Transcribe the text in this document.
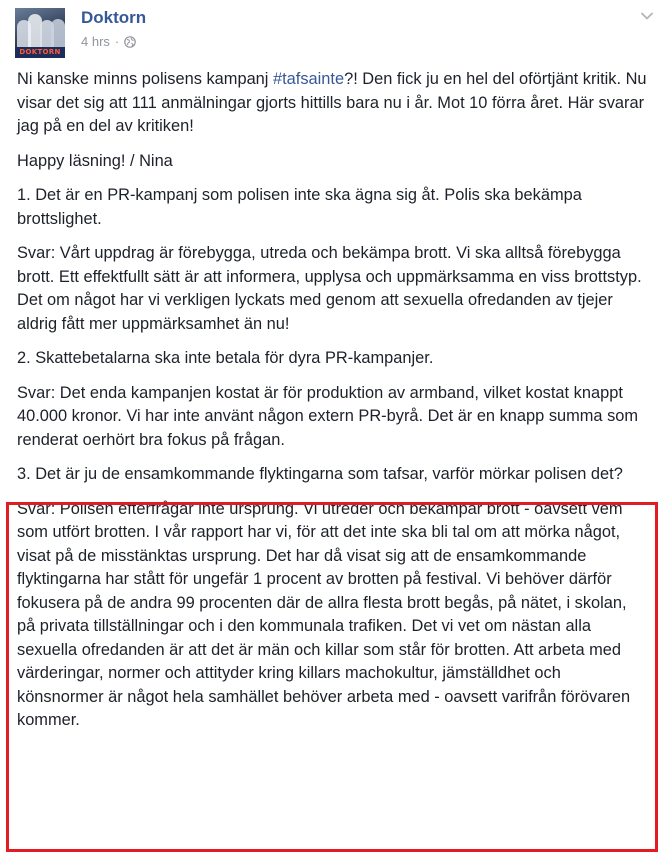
DOKTORN
Doktorn
4 hrs ·

Ni kanske minns polisens kampanj #tafsainte?! Den fick ju en hel del oförtjänt kritik. Nu visar det sig att 111 anmälningar gjorts hittills bara nu i år. Mot 10 förra året. Här svarar jag på en del av kritiken!

Happy läsning! / Nina

1. Det är en PR-kampanj som polisen inte ska ägna sig åt. Polis ska bekämpa brottslighet.

Svar: Vårt uppdrag är förebygga, utreda och bekämpa brott. Vi ska alltså förebygga brott. Ett effektfullt sätt är att informera, upplysa och uppmärksamma en viss brottstyp. Det om något har vi verkligen lyckats med genom att sexuella ofredanden av tjejer aldrig fått mer uppmärksamhet än nu!

2. Skattebetalarna ska inte betala för dyra PR-kampanjer.

Svar: Det enda kampanjen kostat är för produktion av armband, vilket kostat knappt 40.000 kronor. Vi har inte använt någon extern PR-byrå. Det är en knapp summa som renderat oerhört bra fokus på frågan.

3. Det är ju de ensamkommande flyktingarna som tafsar, varför mörkar polisen det?

Svar: Polisen efterfrågar inte ursprung. Vi utreder och bekämpar brott - oavsett vem som utfört brotten. I vår rapport har vi, för att det inte ska bli tal om att mörka något, visat på de misstänktas ursprung. Det har då visat sig att de ensamkommande flyktingarna har stått för ungefär 1 procent av brotten på festival. Vi behöver därför fokusera på de andra 99 procenten där de allra flesta brott begås, på nätet, i skolan, på privata tillställningar och i den kommunala trafiken. Det vi vet om nästan alla sexuella ofredanden är att det är män och killar som står för brotten. Att arbeta med värderingar, normer och attityder kring killars machokultur, jämställdhet och könsnormer är något hela samhället behöver arbeta med - oavsett varifrån förövaren kommer.
